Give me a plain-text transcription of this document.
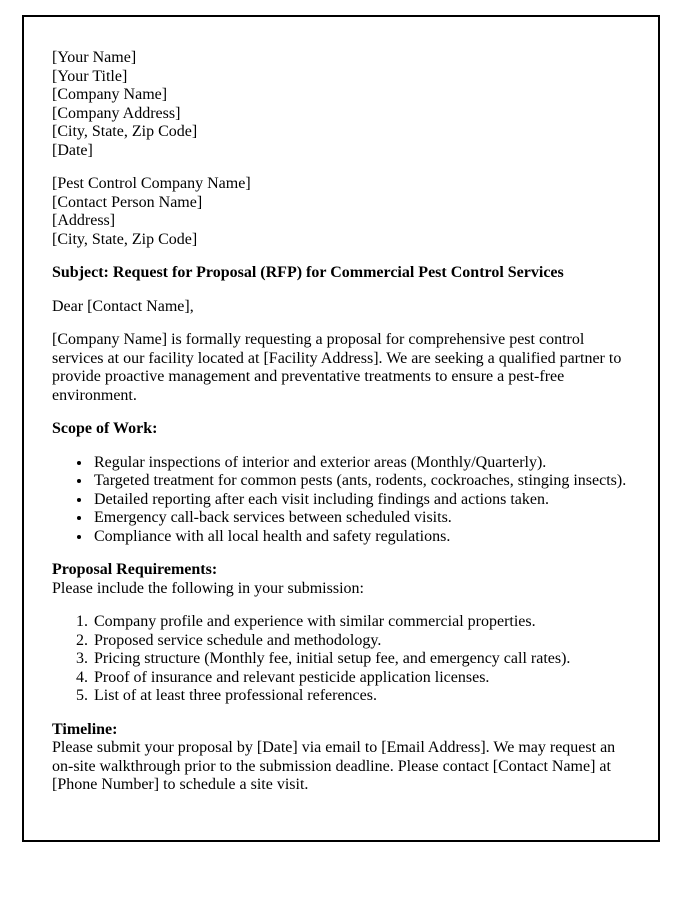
[Your Name]
[Your Title]
[Company Name]
[Company Address]
[City, State, Zip Code]
[Date]
[Pest Control Company Name]
[Contact Person Name]
[Address]
[City, State, Zip Code]
Subject: Request for Proposal (RFP) for Commercial Pest Control Services
Dear [Contact Name],
[Company Name] is formally requesting a proposal for comprehensive pest control services at our facility located at [Facility Address]. We are seeking a qualified partner to provide proactive management and preventative treatments to ensure a pest-free environment.
Scope of Work:
• Regular inspections of interior and exterior areas (Monthly/Quarterly).
• Targeted treatment for common pests (ants, rodents, cockroaches, stinging insects).
• Detailed reporting after each visit including findings and actions taken.
• Emergency call-back services between scheduled visits.
• Compliance with all local health and safety regulations.
Proposal Requirements:
Please include the following in your submission:
1. Company profile and experience with similar commercial properties.
2. Proposed service schedule and methodology.
3. Pricing structure (Monthly fee, initial setup fee, and emergency call rates).
4. Proof of insurance and relevant pesticide application licenses.
5. List of at least three professional references.
Timeline:
Please submit your proposal by [Date] via email to [Email Address]. We may request an on-site walkthrough prior to the submission deadline. Please contact [Contact Name] at [Phone Number] to schedule a site visit.
